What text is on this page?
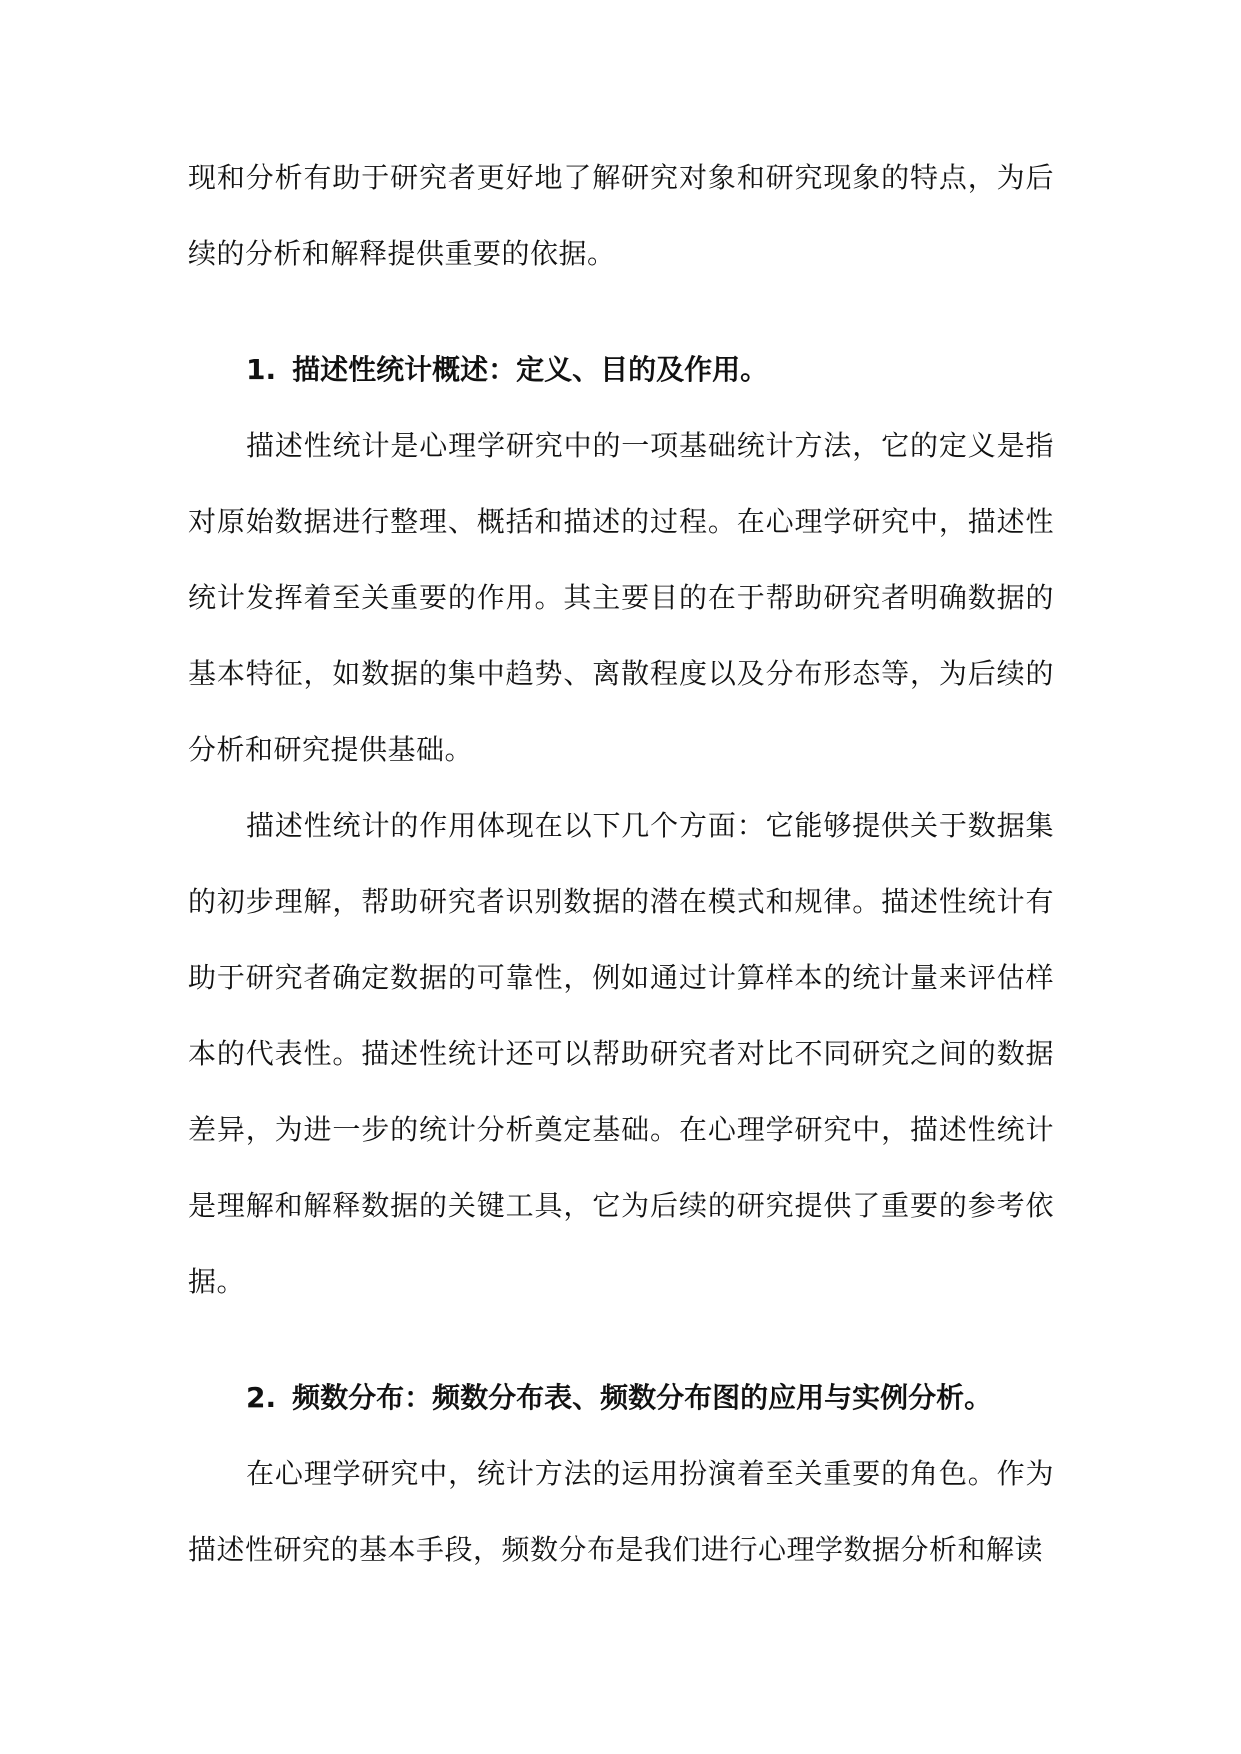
现和分析有助于研究者更好地了解研究对象和研究现象的特点，为后续的分析和解释提供重要的依据。

1. 描述性统计概述：定义、目的及作用。

描述性统计是心理学研究中的一项基础统计方法，它的定义是指对原始数据进行整理、概括和描述的过程。在心理学研究中，描述性统计发挥着至关重要的作用。其主要目的在于帮助研究者明确数据的基本特征，如数据的集中趋势、离散程度以及分布形态等，为后续的分析和研究提供基础。

描述性统计的作用体现在以下几个方面：它能够提供关于数据集的初步理解，帮助研究者识别数据的潜在模式和规律。描述性统计有助于研究者确定数据的可靠性，例如通过计算样本的统计量来评估样本的代表性。描述性统计还可以帮助研究者对比不同研究之间的数据差异，为进一步的统计分析奠定基础。在心理学研究中，描述性统计是理解和解释数据的关键工具，它为后续的研究提供了重要的参考依据。

2. 频数分布：频数分布表、频数分布图的应用与实例分析。

在心理学研究中，统计方法的运用扮演着至关重要的角色。作为描述性研究的基本手段，频数分布是我们进行心理学数据分析和解读
